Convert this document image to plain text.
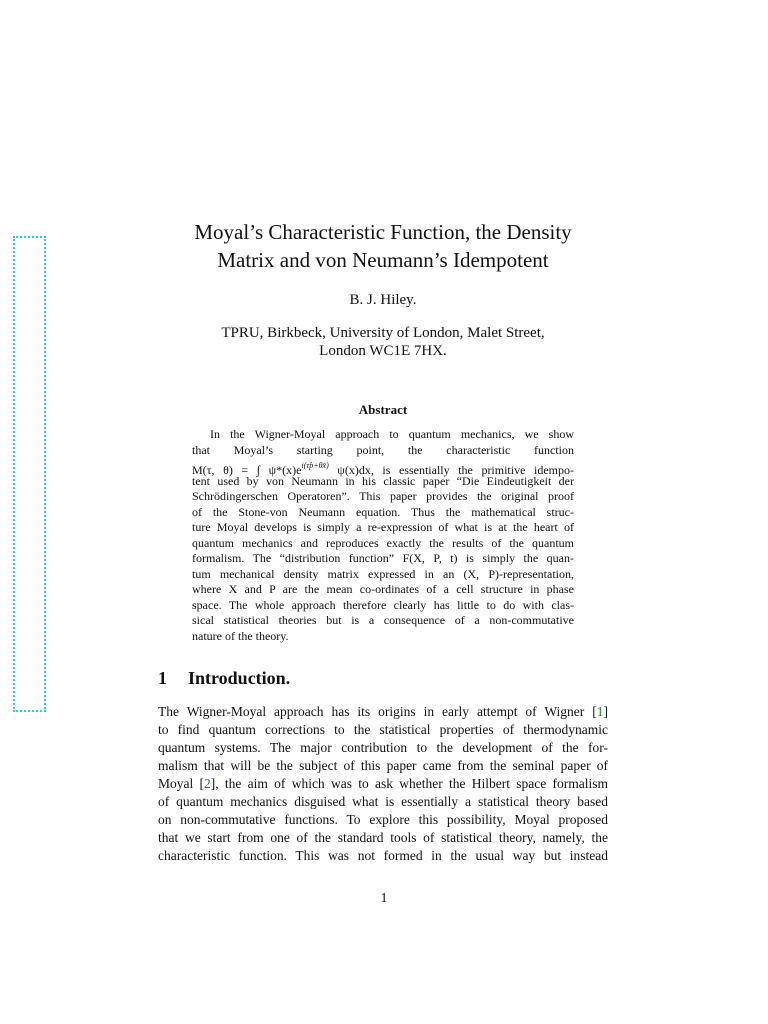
Moyal’s Characteristic Function, the Density
Matrix and von Neumann’s Idempotent
B. J. Hiley.
TPRU, Birkbeck, University of London, Malet Street,
London WC1E 7HX.
Abstract
In the Wigner-Moyal approach to quantum mechanics, we show
that Moyal’s starting point, the characteristic function
M(τ, θ) = ∫ $\psi*(x)e^{i(\tau p̂+\theta x̂)}$ ψ(x)dx, is essentially the primitive idempo-
tent used by von Neumann in his classic paper “Die Eindeutigkeit der
Schrödingerschen Operatoren”. This paper provides the original proof
of the Stone-von Neumann equation. Thus the mathematical struc-
ture Moyal develops is simply a re-expression of what is at the heart of
quantum mechanics and reproduces exactly the results of the quantum
formalism. The “distribution function” F(X, P, t) is simply the quan-
tum mechanical density matrix expressed in an (X, P)-representation,
where X and P are the mean co-ordinates of a cell structure in phase
space. The whole approach therefore clearly has little to do with clas-
sical statistical theories but is a consequence of a non-commutative
nature of the theory.
1 Introduction.
The Wigner-Moyal approach has its origins in early attempt of Wigner [1]
to find quantum corrections to the statistical properties of thermodynamic
quantum systems. The major contribution to the development of the for-
malism that will be the subject of this paper came from the seminal paper of
Moyal [2], the aim of which was to ask whether the Hilbert space formalism
of quantum mechanics disguised what is essentially a statistical theory based
on non-commutative functions. To explore this possibility, Moyal proposed
that we start from one of the standard tools of statistical theory, namely, the
characteristic function. This was not formed in the usual way but instead
1
